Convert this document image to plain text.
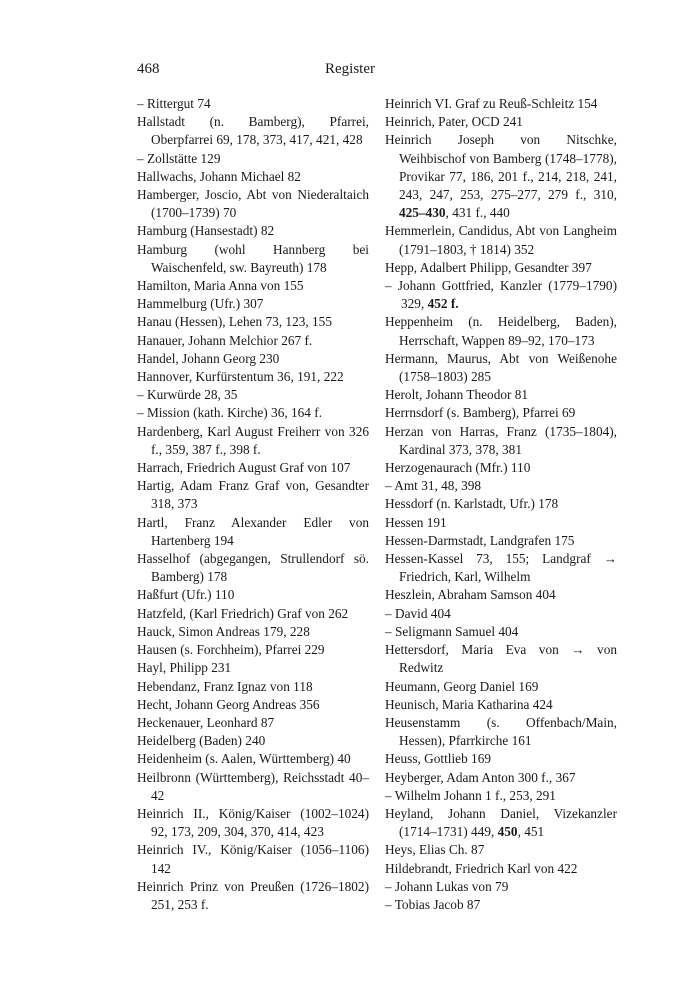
468	Register
– Rittergut 74
Hallstadt (n. Bamberg), Pfarrei, Oberpfarrei 69, 178, 373, 417, 421, 428
– Zollstätte 129
Hallwachs, Johann Michael 82
Hamberger, Joscio, Abt von Niederaltaich (1700–1739) 70
Hamburg (Hansestadt) 82
Hamburg (wohl Hannberg bei Waischenfeld, sw. Bayreuth) 178
Hamilton, Maria Anna von 155
Hammelburg (Ufr.) 307
Hanau (Hessen), Lehen 73, 123, 155
Hanauer, Johann Melchior 267 f.
Handel, Johann Georg 230
Hannover, Kurfürstentum 36, 191, 222
– Kurwürde 28, 35
– Mission (kath. Kirche) 36, 164 f.
Hardenberg, Karl August Freiherr von 326 f., 359, 387 f., 398 f.
Harrach, Friedrich August Graf von 107
Hartig, Adam Franz Graf von, Gesandter 318, 373
Hartl, Franz Alexander Edler von Hartenberg 194
Hasselhof (abgegangen, Strullendorf sö. Bamberg) 178
Haßfurt (Ufr.) 110
Hatzfeld, (Karl Friedrich) Graf von 262
Hauck, Simon Andreas 179, 228
Hausen (s. Forchheim), Pfarrei 229
Hayl, Philipp 231
Hebendanz, Franz Ignaz von 118
Hecht, Johann Georg Andreas 356
Heckenauer, Leonhard 87
Heidelberg (Baden) 240
Heidenheim (s. Aalen, Württemberg) 40
Heilbronn (Württemberg), Reichsstadt 40–42
Heinrich II., König/Kaiser (1002–1024) 92, 173, 209, 304, 370, 414, 423
Heinrich IV., König/Kaiser (1056–1106) 142
Heinrich Prinz von Preußen (1726–1802) 251, 253 f.
Heinrich VI. Graf zu Reuß-Schleitz 154
Heinrich, Pater, OCD 241
Heinrich Joseph von Nitschke, Weihbischof von Bamberg (1748–1778), Provikar 77, 186, 201 f., 214, 218, 241, 243, 247, 253, 275–277, 279 f., 310, 425–430, 431 f., 440
Hemmerlein, Candidus, Abt von Langheim (1791–1803, † 1814) 352
Hepp, Adalbert Philipp, Gesandter 397
– Johann Gottfried, Kanzler (1779–1790) 329, 452 f.
Heppenheim (n. Heidelberg, Baden), Herrschaft, Wappen 89–92, 170–173
Hermann, Maurus, Abt von Weißenohe (1758–1803) 285
Herolt, Johann Theodor 81
Herrnsdorf (s. Bamberg), Pfarrei 69
Herzan von Harras, Franz (1735–1804), Kardinal 373, 378, 381
Herzogenaurach (Mfr.) 110
– Amt 31, 48, 398
Hessdorf (n. Karlstadt, Ufr.) 178
Hessen 191
Hessen-Darmstadt, Landgrafen 175
Hessen-Kassel 73, 155; Landgraf → Friedrich, Karl, Wilhelm
Heszlein, Abraham Samson 404
– David 404
– Seligmann Samuel 404
Hettersdorf, Maria Eva von → von Redwitz
Heumann, Georg Daniel 169
Heunisch, Maria Katharina 424
Heusenstamm (s. Offenbach/Main, Hessen), Pfarrkirche 161
Heuss, Gottlieb 169
Heyberger, Adam Anton 300 f., 367
– Wilhelm Johann 1 f., 253, 291
Heyland, Johann Daniel, Vizekanzler (1714–1731) 449, 450, 451
Heys, Elias Ch. 87
Hildebrandt, Friedrich Karl von 422
– Johann Lukas von 79
– Tobias Jacob 87
